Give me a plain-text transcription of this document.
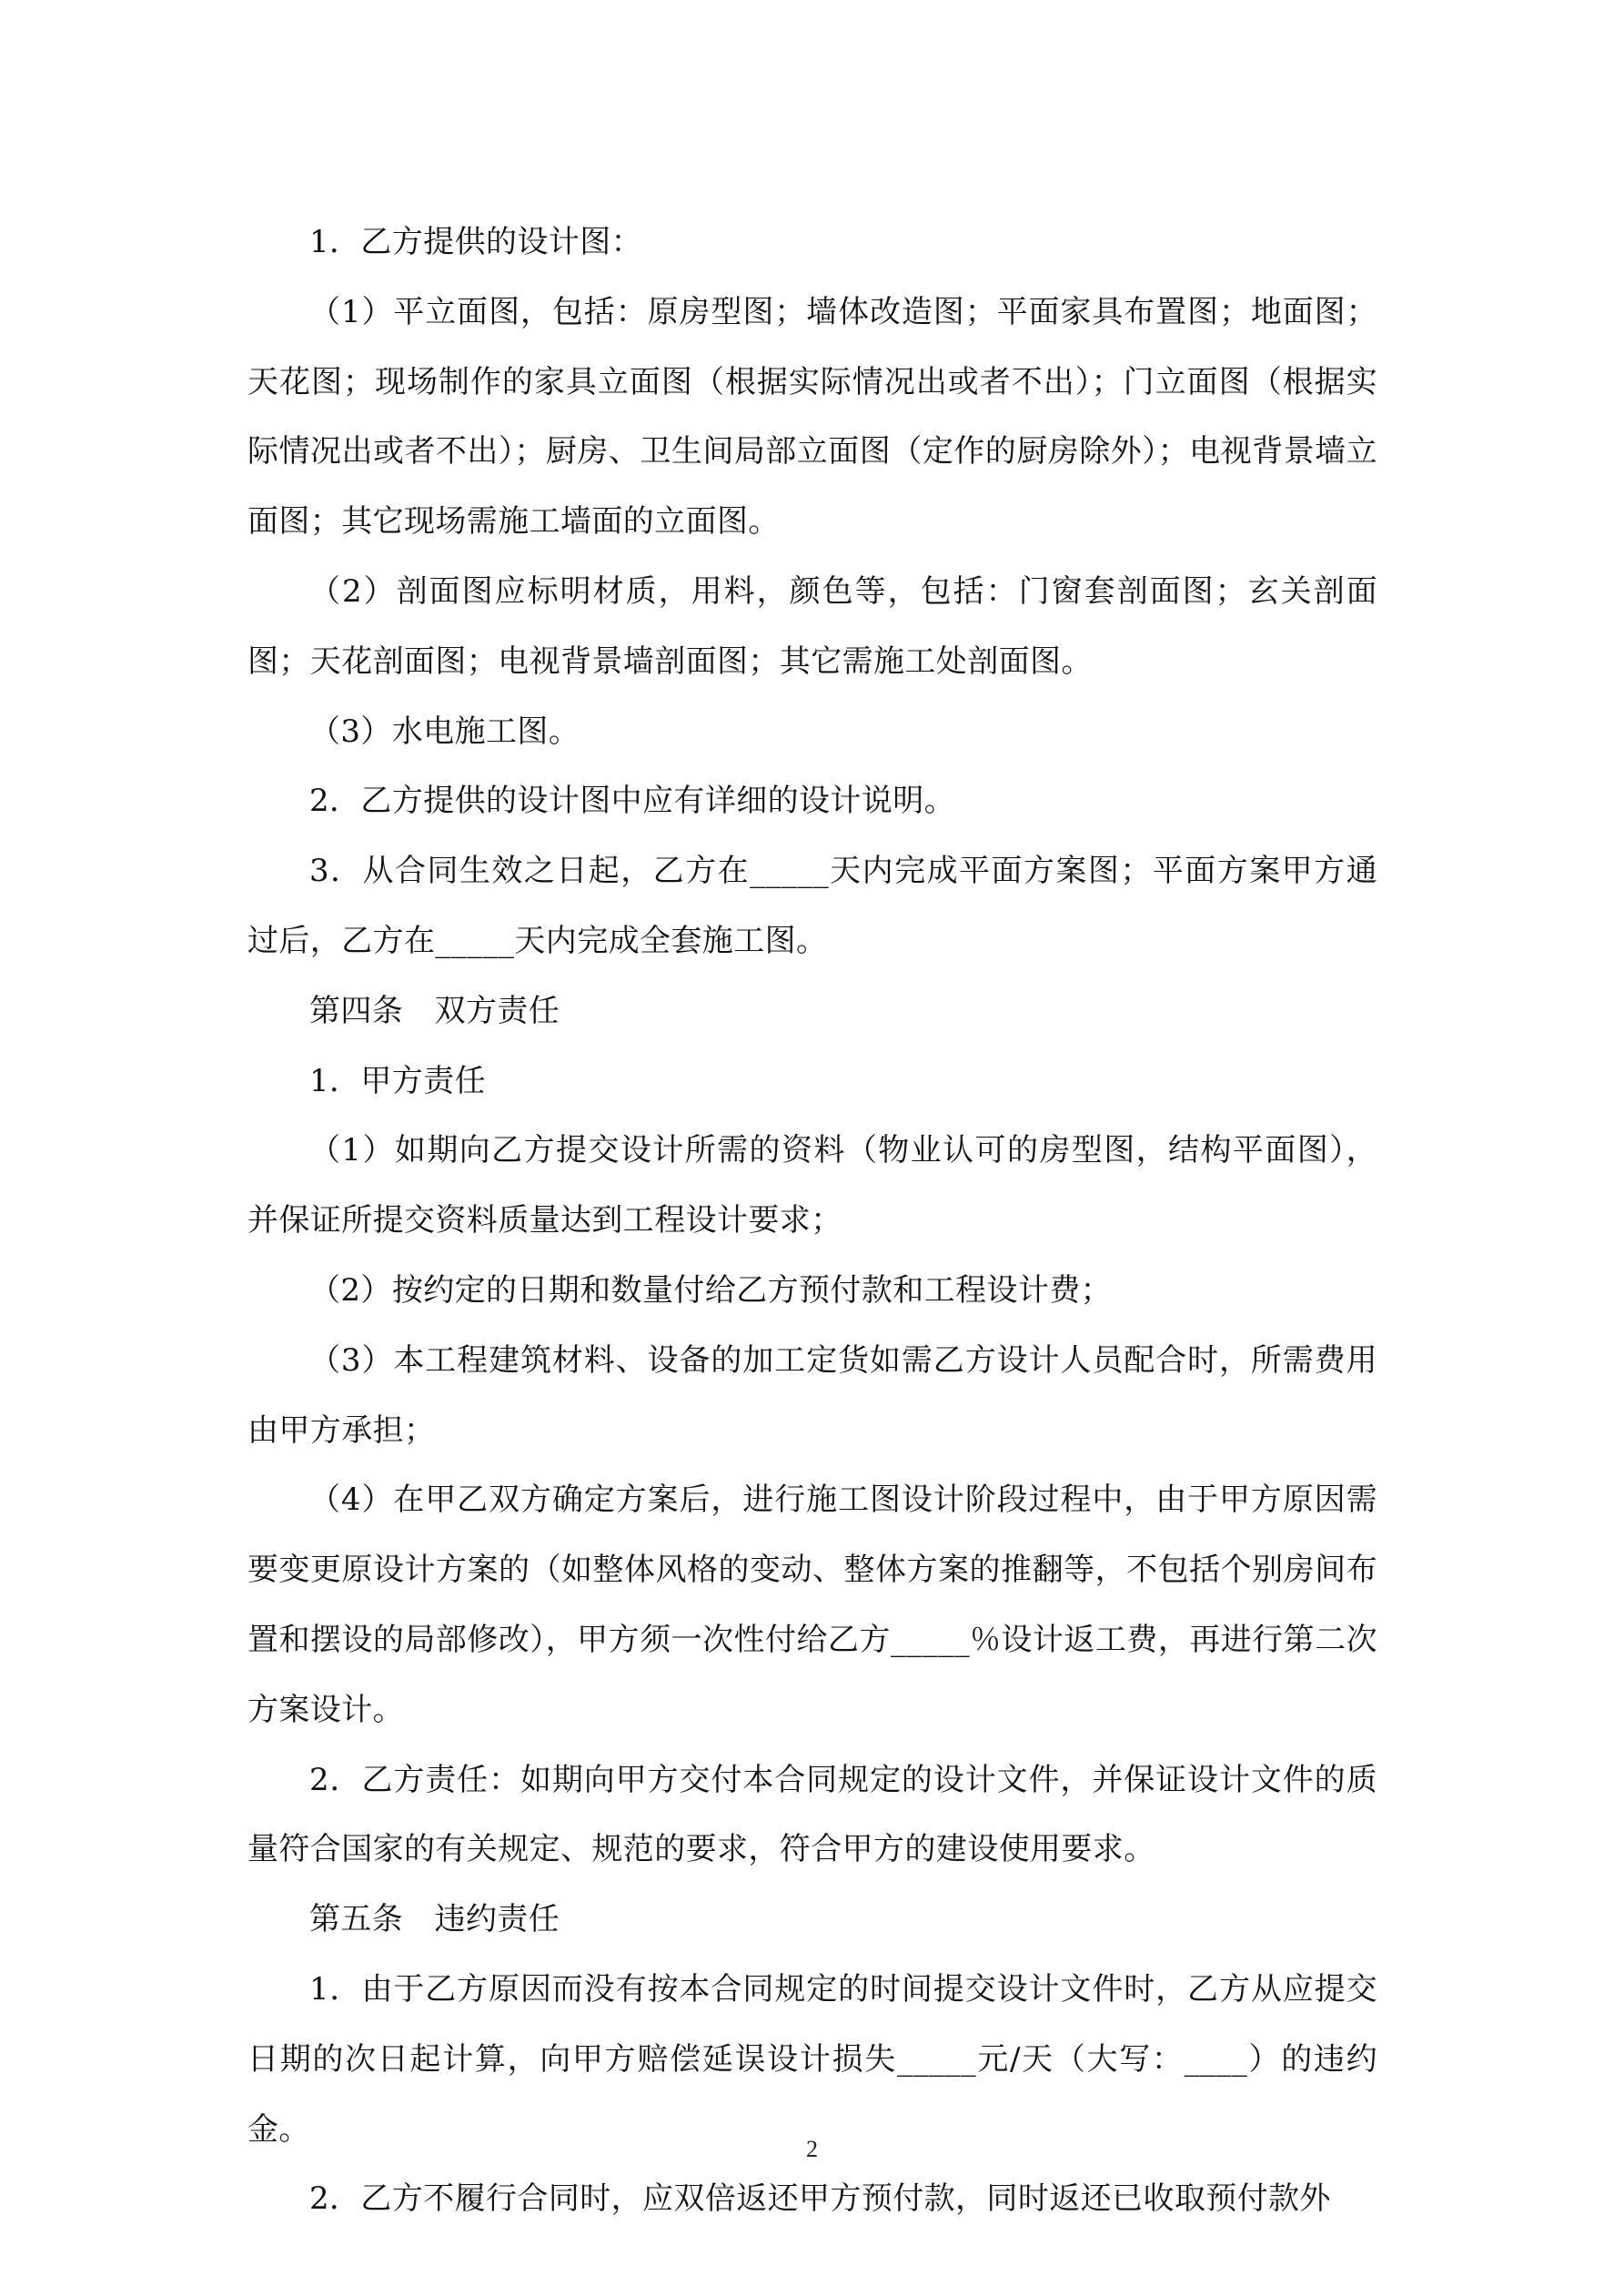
1．乙方提供的设计图：

（1）平立面图，包括：原房型图；墙体改造图；平面家具布置图；地面图；天花图；现场制作的家具立面图（根据实际情况出或者不出）；门立面图（根据实际情况出或者不出）；厨房、卫生间局部立面图（定作的厨房除外）；电视背景墙立面图；其它现场需施工墙面的立面图。

（2）剖面图应标明材质，用料，颜色等，包括：门窗套剖面图；玄关剖面图；天花剖面图；电视背景墙剖面图；其它需施工处剖面图。

（3）水电施工图。

2．乙方提供的设计图中应有详细的设计说明。

3．从合同生效之日起，乙方在_____天内完成平面方案图；平面方案甲方通过后，乙方在_____天内完成全套施工图。

第四条　双方责任

1．甲方责任

（1）如期向乙方提交设计所需的资料（物业认可的房型图，结构平面图），并保证所提交资料质量达到工程设计要求；

（2）按约定的日期和数量付给乙方预付款和工程设计费；

（3）本工程建筑材料、设备的加工定货如需乙方设计人员配合时，所需费用由甲方承担；

（4）在甲乙双方确定方案后，进行施工图设计阶段过程中，由于甲方原因需要变更原设计方案的（如整体风格的变动、整体方案的推翻等，不包括个别房间布置和摆设的局部修改），甲方须一次性付给乙方_____％设计返工费，再进行第二次方案设计。

2．乙方责任：如期向甲方交付本合同规定的设计文件，并保证设计文件的质量符合国家的有关规定、规范的要求，符合甲方的建设使用要求。

第五条　违约责任

1．由于乙方原因而没有按本合同规定的时间提交设计文件时，乙方从应提交日期的次日起计算，向甲方赔偿延误设计损失_____元/天（大写：____）的违约金。

2．乙方不履行合同时，应双倍返还甲方预付款，同时返还已收取预付款外

2
